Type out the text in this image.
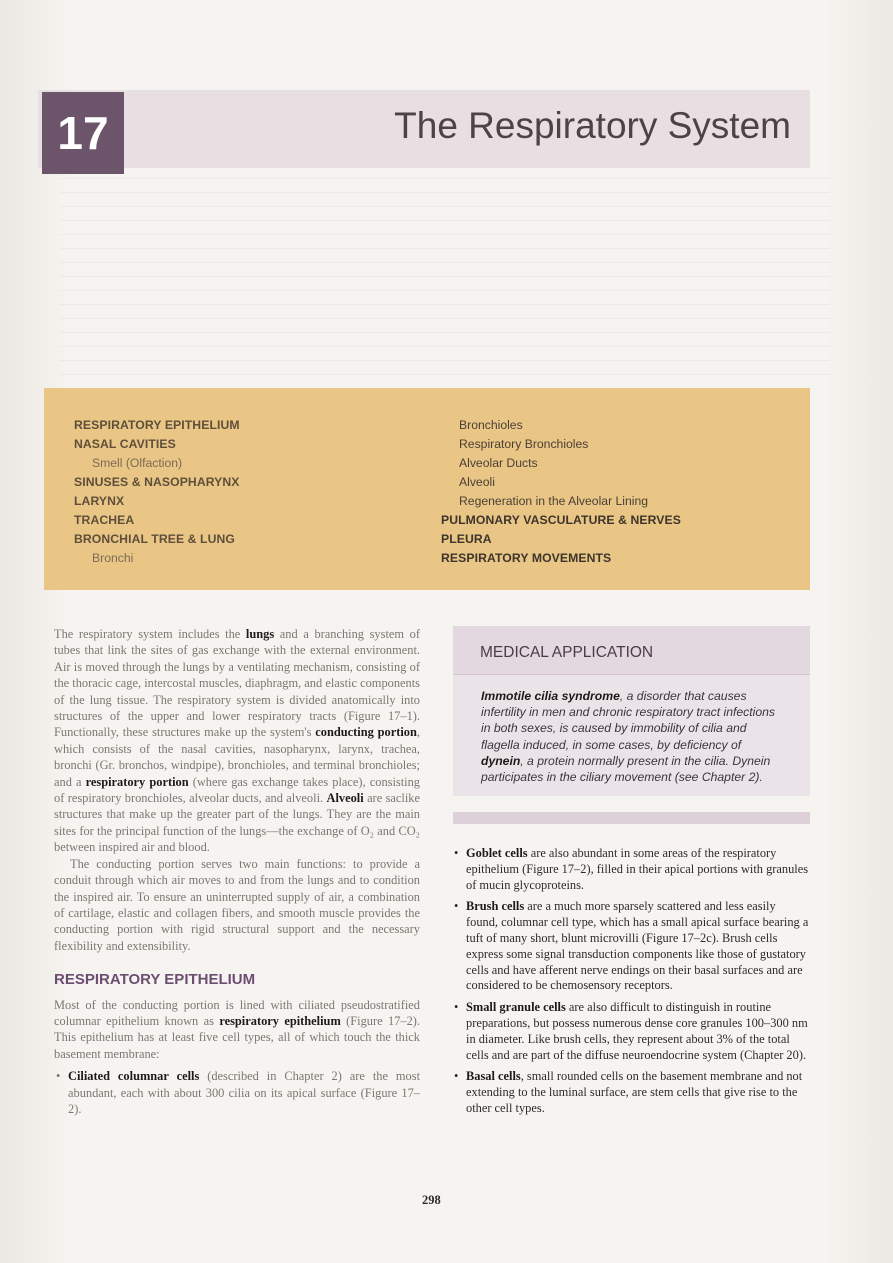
17	The Respiratory System
RESPIRATORY EPITHELIUM
NASAL CAVITIES
Smell (Olfaction)
SINUSES & NASOPHARYNX
LARYNX
TRACHEA
BRONCHIAL TREE & LUNG
Bronchi
Bronchioles
Respiratory Bronchioles
Alveolar Ducts
Alveoli
Regeneration in the Alveolar Lining
PULMONARY VASCULATURE & NERVES
PLEURA
RESPIRATORY MOVEMENTS

The respiratory system includes the lungs and a branching system of tubes that link the sites of gas exchange with the external environment. Air is moved through the lungs by a ventilating mechanism, consisting of the thoracic cage, intercostal muscles, diaphragm, and elastic components of the lung tissue. The respiratory system is divided anatomically into structures of the upper and lower respiratory tracts (Figure 17–1). Functionally, these structures make up the system's conducting portion, which consists of the nasal cavities, nasopharynx, larynx, trachea, bronchi (Gr. bronchos, windpipe), bronchioles, and terminal bronchioles; and a respiratory portion (where gas exchange takes place), consisting of respiratory bronchioles, alveolar ducts, and alveoli. Alveoli are saclike structures that make up the greater part of the lungs. They are the main sites for the principal function of the lungs—the exchange of O₂ and CO₂ between inspired air and blood.

The conducting portion serves two main functions: to provide a conduit through which air moves to and from the lungs and to condition the inspired air. To ensure an uninterrupted supply of air, a combination of cartilage, elastic and collagen fibers, and smooth muscle provides the conducting portion with rigid structural support and the necessary flexibility and extensibility.

RESPIRATORY EPITHELIUM

Most of the conducting portion is lined with ciliated pseudostratified columnar epithelium known as respiratory epithelium (Figure 17–2). This epithelium has at least five cell types, all of which touch the thick basement membrane:

• Ciliated columnar cells (described in Chapter 2) are the most abundant, each with about 300 cilia on its apical surface (Figure 17–2).
MEDICAL APPLICATION
Immotile cilia syndrome, a disorder that causes infertility in men and chronic respiratory tract infections in both sexes, is caused by immobility of cilia and flagella induced, in some cases, by deficiency of dynein, a protein normally present in the cilia. Dynein participates in the ciliary movement (see Chapter 2).
• Goblet cells are also abundant in some areas of the respiratory epithelium (Figure 17–2), filled in their apical portions with granules of mucin glycoproteins.
• Brush cells are a much more sparsely scattered and less easily found, columnar cell type, which has a small apical surface bearing a tuft of many short, blunt microvilli (Figure 17–2c). Brush cells express some signal transduction components like those of gustatory cells and have afferent nerve endings on their basal surfaces and are considered to be chemosensory receptors.
• Small granule cells are also difficult to distinguish in routine preparations, but possess numerous dense core granules 100–300 nm in diameter. Like brush cells, they represent about 3% of the total cells and are part of the diffuse neuroendocrine system (Chapter 20).
• Basal cells, small rounded cells on the basement membrane and not extending to the luminal surface, are stem cells that give rise to the other cell types.
298
